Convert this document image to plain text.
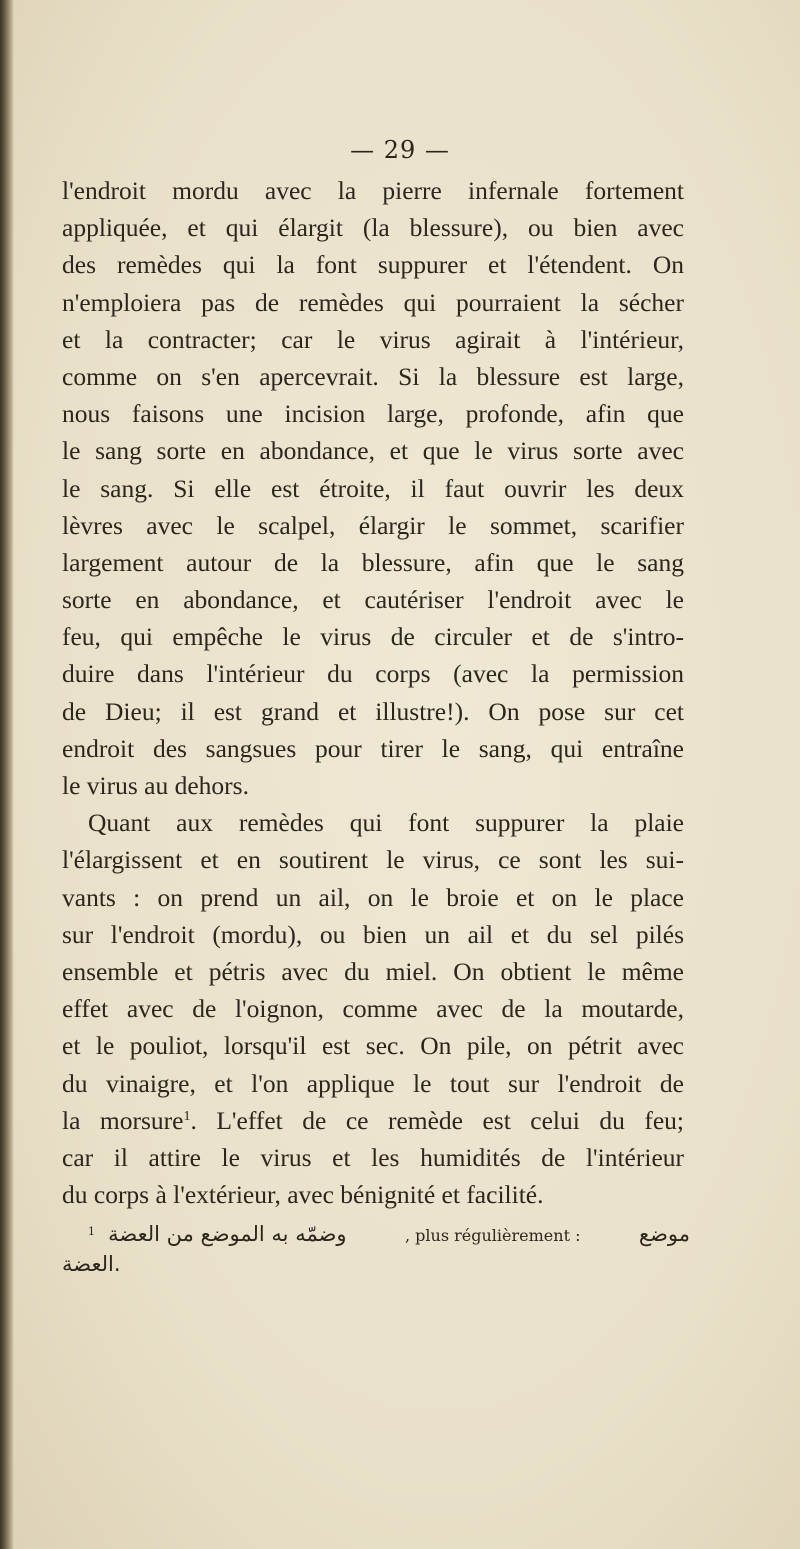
— 29 —
l'endroit mordu avec la pierre infernale fortement
appliquée, et qui élargit (la blessure), ou bien avec
des remèdes qui la font suppurer et l'étendent. On
n'emploiera pas de remèdes qui pourraient la sécher
et la contracter; car le virus agirait à l'intérieur,
comme on s'en apercevrait. Si la blessure est large,
nous faisons une incision large, profonde, afin que
le sang sorte en abondance, et que le virus sorte avec
le sang. Si elle est étroite, il faut ouvrir les deux
lèvres avec le scalpel, élargir le sommet, scarifier
largement autour de la blessure, afin que le sang
sorte en abondance, et cautériser l'endroit avec le
feu, qui empêche le virus de circuler et de s'intro-
duire dans l'intérieur du corps (avec la permission
de Dieu; il est grand et illustre!). On pose sur cet
endroit des sangsues pour tirer le sang, qui entraîne
le virus au dehors.
Quant aux remèdes qui font suppurer la plaie
l'élargissent et en soutirent le virus, ce sont les sui-
vants : on prend un ail, on le broie et on le place
sur l'endroit (mordu), ou bien un ail et du sel pilés
ensemble et pétris avec du miel. On obtient le même
effet avec de l'oignon, comme avec de la moutarde,
et le pouliot, lorsqu'il est sec. On pile, on pétrit avec
du vinaigre, et l'on applique le tout sur l'endroit de
la morsure$^1$. L'effet de ce remède est celui du feu;
car il attire le virus et les humidités de l'intérieur
du corps à l'extérieur, avec bénignité et facilité.
$^1$ وضمّه به الموضع من العضة	, plus régulièrement :	موضع
العضة.
